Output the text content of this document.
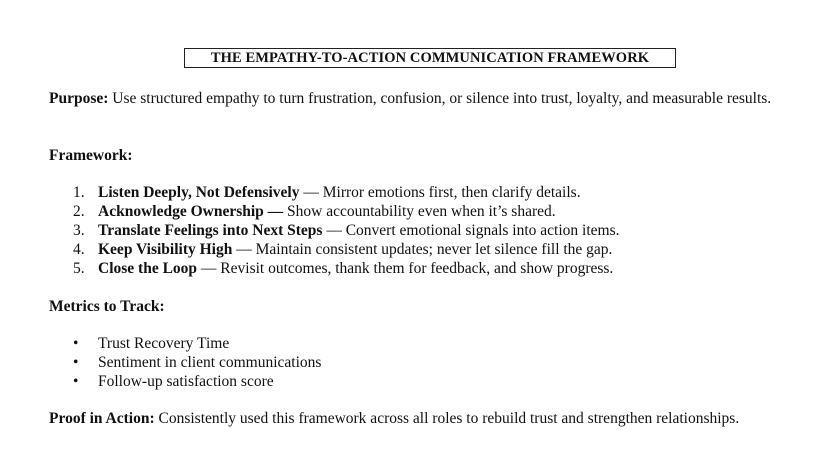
THE EMPATHY-TO-ACTION COMMUNICATION FRAMEWORK
Purpose: Use structured empathy to turn frustration, confusion, or silence into trust, loyalty, and measurable results.
Framework:
1. Listen Deeply, Not Defensively — Mirror emotions first, then clarify details.
2. Acknowledge Ownership — Show accountability even when it’s shared.
3. Translate Feelings into Next Steps — Convert emotional signals into action items.
4. Keep Visibility High — Maintain consistent updates; never let silence fill the gap.
5. Close the Loop — Revisit outcomes, thank them for feedback, and show progress.
Metrics to Track:
• Trust Recovery Time
• Sentiment in client communications
• Follow-up satisfaction score
Proof in Action: Consistently used this framework across all roles to rebuild trust and strengthen relationships.
